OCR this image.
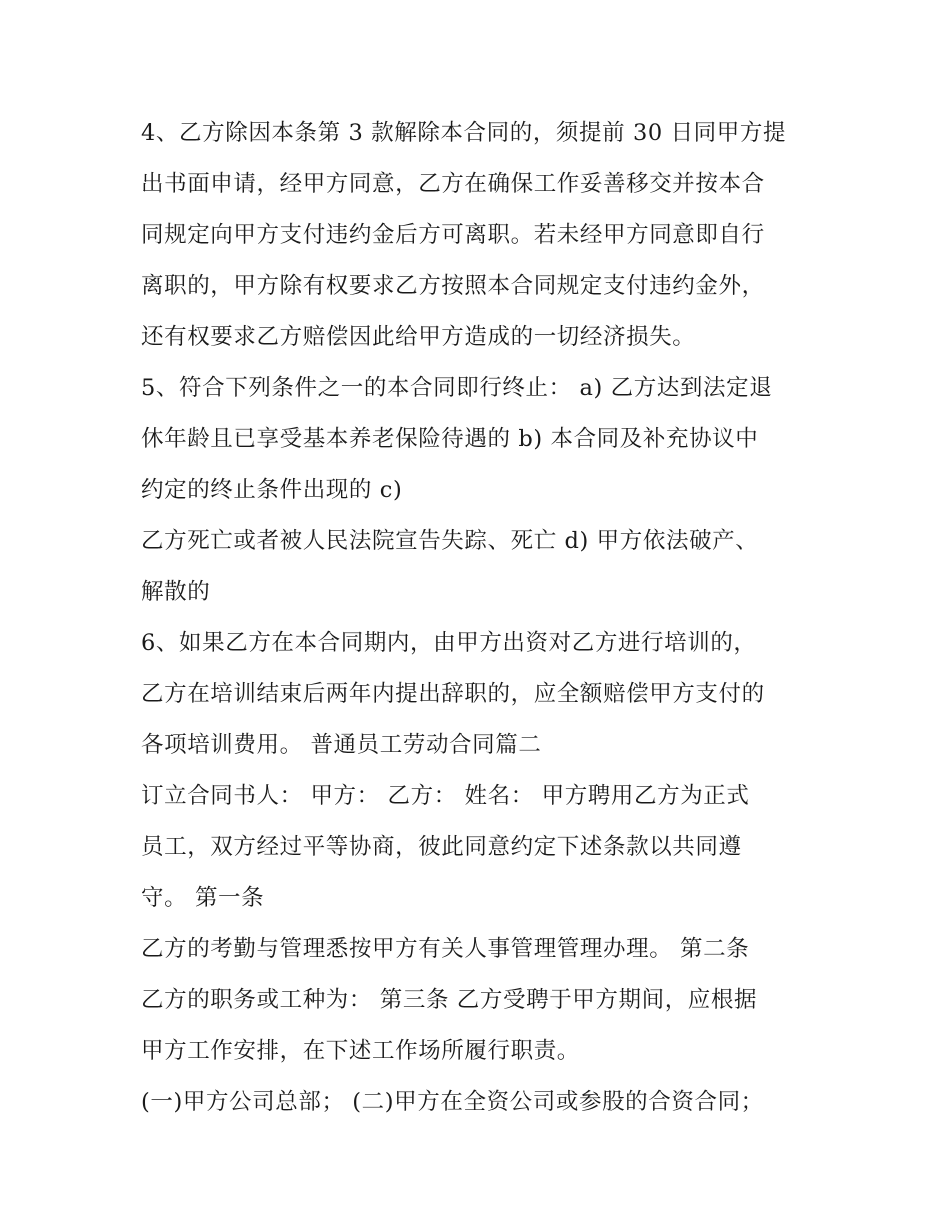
4、乙方除因本条第 3 款解除本合同的，须提前 30 日同甲方提
出书面申请，经甲方同意，乙方在确保工作妥善移交并按本合
同规定向甲方支付违约金后方可离职。若未经甲方同意即自行
离职的，甲方除有权要求乙方按照本合同规定支付违约金外，
还有权要求乙方赔偿因此给甲方造成的一切经济损失。
5、符合下列条件之一的本合同即行终止： a) 乙方达到法定退
休年龄且已享受基本养老保险待遇的 b) 本合同及补充协议中
约定的终止条件出现的 c)
乙方死亡或者被人民法院宣告失踪、死亡 d) 甲方依法破产、
解散的
6、如果乙方在本合同期内，由甲方出资对乙方进行培训的，
乙方在培训结束后两年内提出辞职的，应全额赔偿甲方支付的
各项培训费用。 普通员工劳动合同篇二
订立合同书人： 甲方： 乙方： 姓名： 甲方聘用乙方为正式
员工，双方经过平等协商，彼此同意约定下述条款以共同遵
守。 第一条
乙方的考勤与管理悉按甲方有关人事管理管理办理。 第二条
乙方的职务或工种为： 第三条 乙方受聘于甲方期间，应根据
甲方工作安排，在下述工作场所履行职责。
(一)甲方公司总部； (二)甲方在全资公司或参股的合资合同；
